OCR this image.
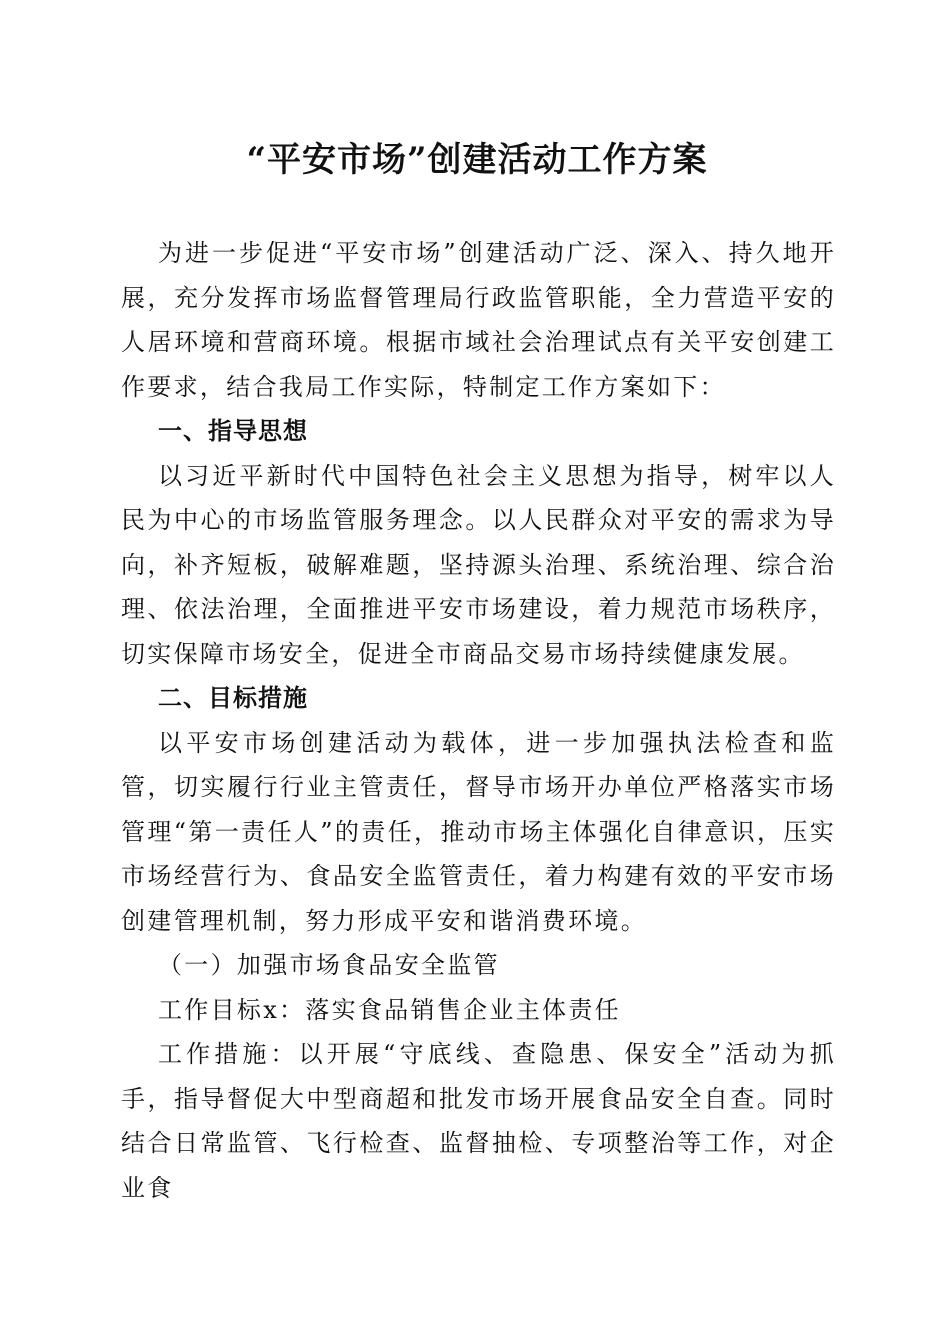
“平安市场”创建活动工作方案

为进一步促进“平安市场”创建活动广泛、深入、持久地开展，充分发挥市场监督管理局行政监管职能，全力营造平安的人居环境和营商环境。根据市域社会治理试点有关平安创建工作要求，结合我局工作实际，特制定工作方案如下：

一、指导思想

以习近平新时代中国特色社会主义思想为指导，树牢以人民为中心的市场监管服务理念。以人民群众对平安的需求为导向，补齐短板，破解难题，坚持源头治理、系统治理、综合治理、依法治理，全面推进平安市场建设，着力规范市场秩序，切实保障市场安全，促进全市商品交易市场持续健康发展。

二、目标措施

以平安市场创建活动为载体，进一步加强执法检查和监管，切实履行行业主管责任，督导市场开办单位严格落实市场管理“第一责任人”的责任，推动市场主体强化自律意识，压实市场经营行为、食品安全监管责任，着力构建有效的平安市场创建管理机制，努力形成平安和谐消费环境。

（一）加强市场食品安全监管

工作目标x：落实食品销售企业主体责任

工作措施：以开展“守底线、查隐患、保安全”活动为抓手，指导督促大中型商超和批发市场开展食品安全自查。同时结合日常监管、飞行检查、监督抽检、专项整治等工作，对企业食
